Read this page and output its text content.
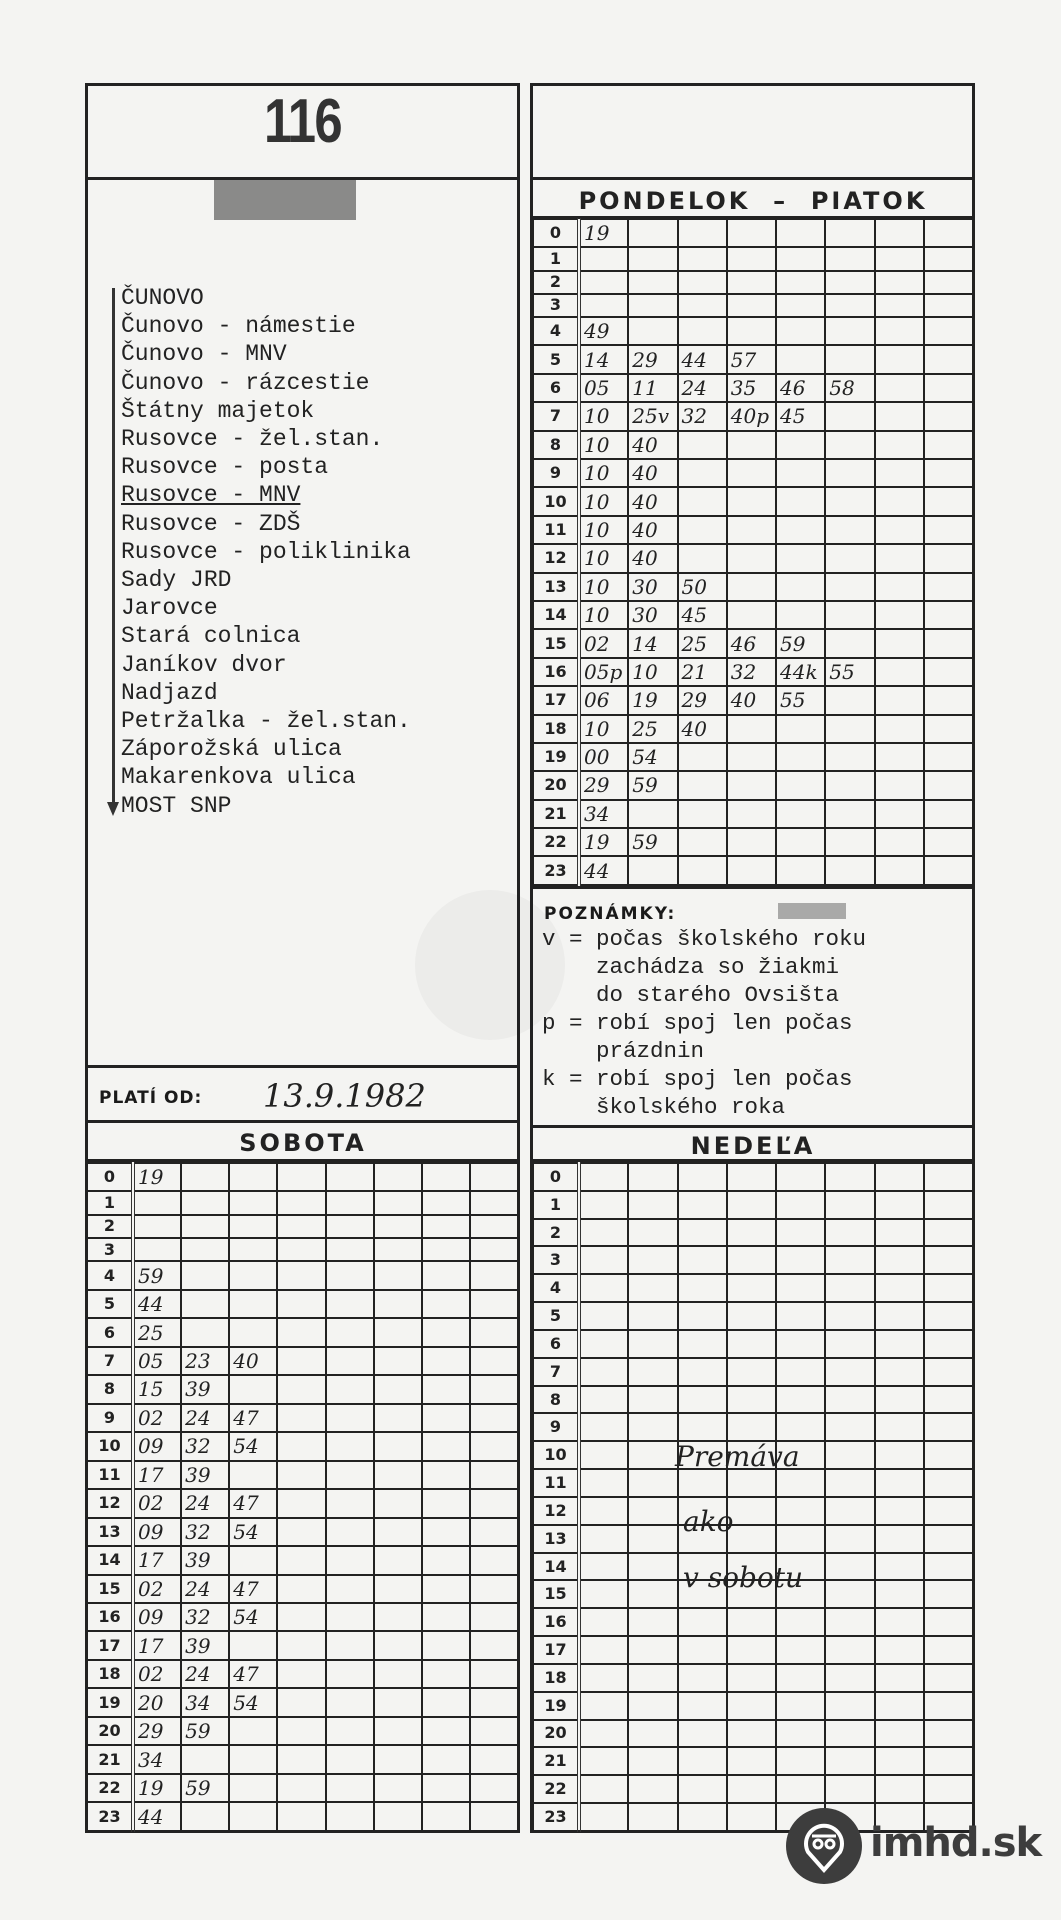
116
ČUNOVO
Čunovo - námestie
Čunovo - MNV
Čunovo - rázcestie
Štátny majetok
Rusovce - žel.stan.
Rusovce - posta
Rusovce - MNV
Rusovce - ZDŠ
Rusovce - poliklinika
Sady JRD
Jarovce
Stará colnica
Janíkov dvor
Nadjazd
Petržalka - žel.stan.
Záporožská ulica
Makarenkova ulica
MOST SNP
PLATÍ OD: 13.9.1982
PONDELOK  –  PIATOK
0	19							
1								
2								
3								
4	49							
5	14	29	44	57				
6	05	11	24	35	46	58		
7	10	25v	32	40p	45			
8	10	40						
9	10	40						
10	10	40						
11	10	40						
12	10	40						
13	10	30	50					
14	10	30	45					
15	02	14	25	46	59			
16	05p	10	21	32	44k	55		
17	06	19	29	40	55			
18	10	25	40					
19	00	54						
20	29	59						
21	34							
22	19	59						
23	44							
POZNÁMKY:
v = počas školského roku
zachádza so žiakmi
do starého Ovsišta
p = robí spoj len počas
prázdnin
k = robí spoj len počas
školského roka
SOBOTA
0	19							
1								
2								
3								
4	59							
5	44							
6	25							
7	05	23	40					
8	15	39						
9	02	24	47					
10	09	32	54					
11	17	39						
12	02	24	47					
13	09	32	54					
14	17	39						
15	02	24	47					
16	09	32	54					
17	17	39						
18	02	24	47					
19	20	34	54					
20	29	59						
21	34							
22	19	59						
23	44							
NEDEĽA
0								
1								
2								
3								
4								
5								
6								
7								
8								
9								
10								
11								
12								
13								
14								
15								
16								
17								
18								
19								
20								
21								
22								
23								
Premáva
ako
v sobotu
imhd.sk
